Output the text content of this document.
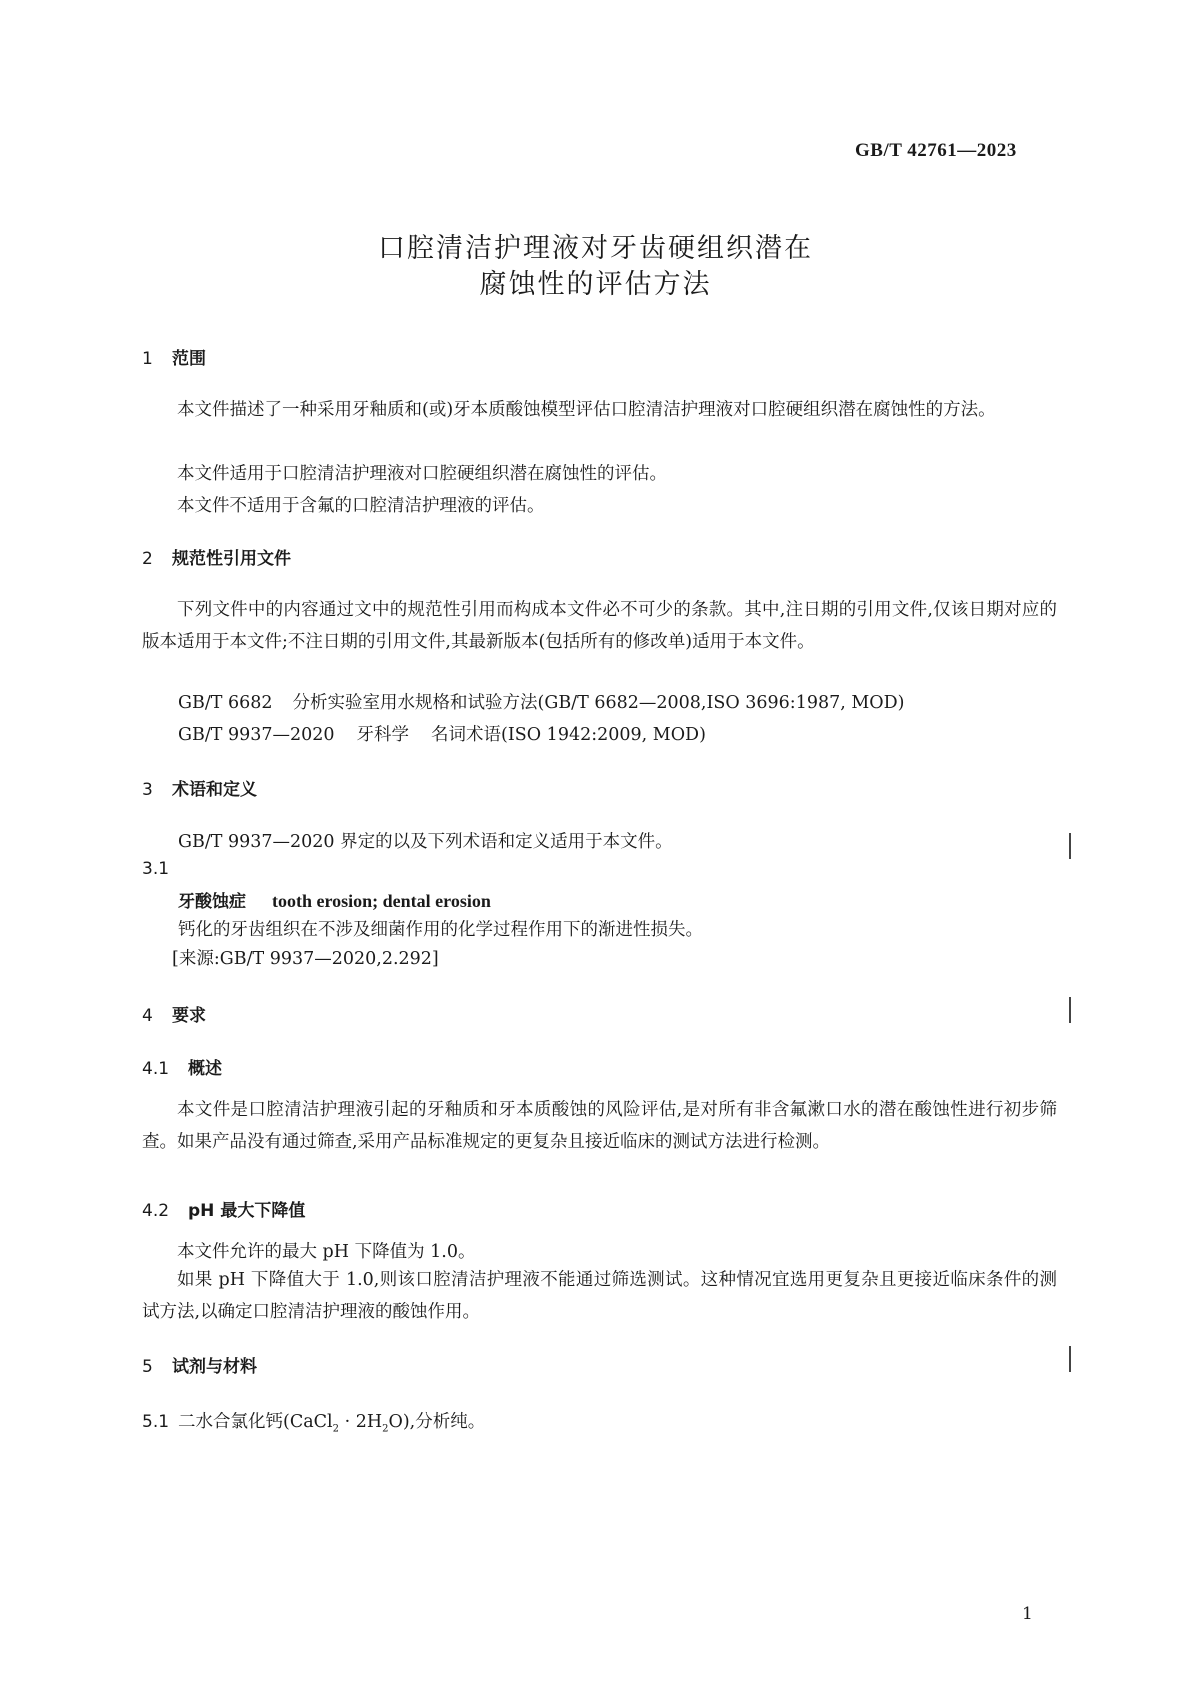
GB/T 42761—2023
口腔清洁护理液对牙齿硬组织潜在
腐蚀性的评估方法
1 范围
本文件描述了一种采用牙釉质和(或)牙本质酸蚀模型评估口腔清洁护理液对口腔硬组织潜在腐蚀性的方法。
本文件适用于口腔清洁护理液对口腔硬组织潜在腐蚀性的评估。
本文件不适用于含氟的口腔清洁护理液的评估。
2 规范性引用文件
下列文件中的内容通过文中的规范性引用而构成本文件必不可少的条款。其中,注日期的引用文件,仅该日期对应的版本适用于本文件;不注日期的引用文件,其最新版本(包括所有的修改单)适用于本文件。
GB/T 6682 分析实验室用水规格和试验方法(GB/T 6682—2008,ISO 3696:1987, MOD)
GB/T 9937—2020 牙科学 名词术语(ISO 1942:2009, MOD)
3 术语和定义
GB/T 9937—2020 界定的以及下列术语和定义适用于本文件。
3.1
牙酸蚀症 tooth erosion; dental erosion
钙化的牙齿组织在不涉及细菌作用的化学过程作用下的渐进性损失。
[来源:GB/T 9937—2020,2.292]
4 要求
4.1 概述
本文件是口腔清洁护理液引起的牙釉质和牙本质酸蚀的风险评估,是对所有非含氟漱口水的潜在酸蚀性进行初步筛查。如果产品没有通过筛查,采用产品标准规定的更复杂且接近临床的测试方法进行检测。
4.2 pH 最大下降值
本文件允许的最大 pH 下降值为 1.0。
如果 pH 下降值大于 1.0,则该口腔清洁护理液不能通过筛选测试。这种情况宜选用更复杂且更接近临床条件的测试方法,以确定口腔清洁护理液的酸蚀作用。
5 试剂与材料
5.1 二水合氯化钙(CaCl$_2$ · $2H_2O$),分析纯。
1
